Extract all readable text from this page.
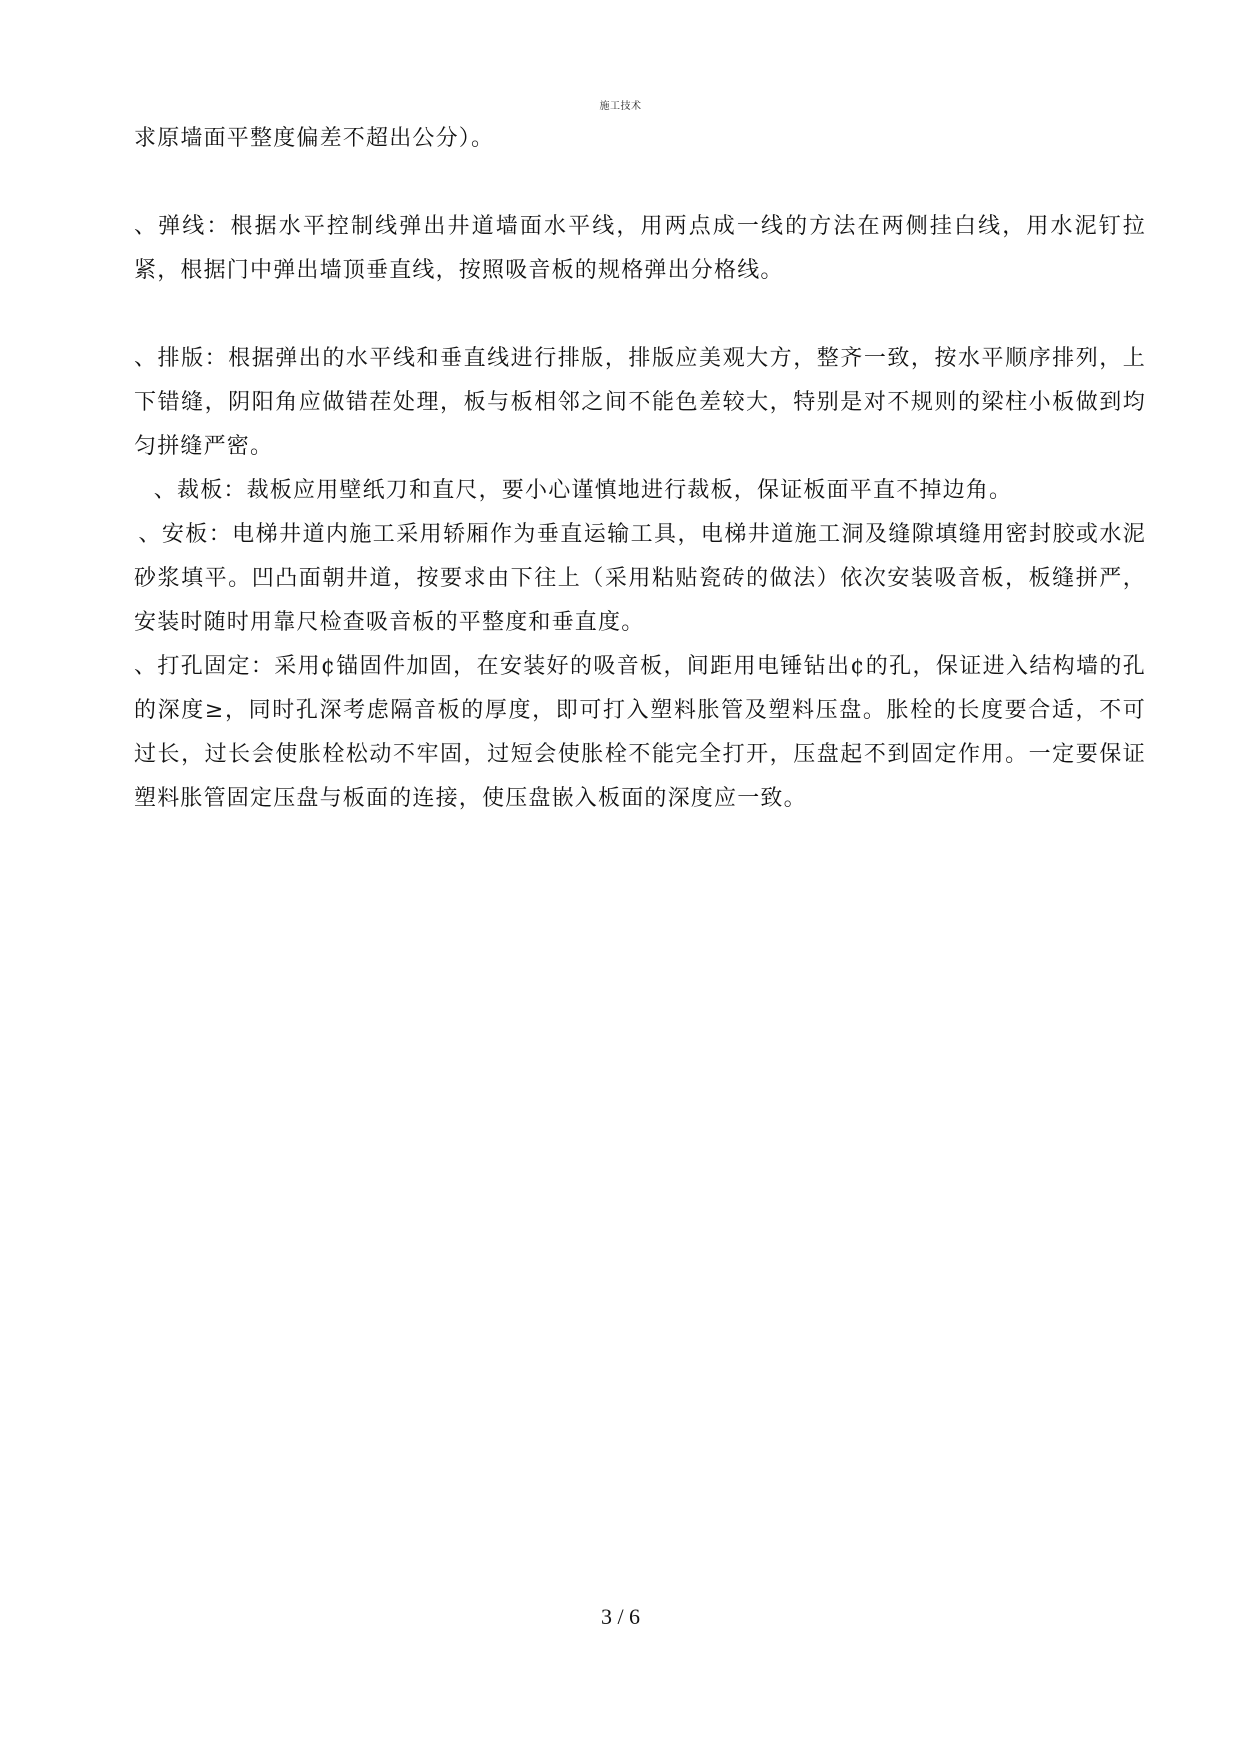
施工技术

求原墙面平整度偏差不超出公分）。

、弹线：根据水平控制线弹出井道墙面水平线，用两点成一线的方法在两侧挂白线，用水泥钉拉紧，根据门中弹出墙顶垂直线，按照吸音板的规格弹出分格线。

、排版：根据弹出的水平线和垂直线进行排版，排版应美观大方，整齐一致，按水平顺序排列，上下错缝，阴阳角应做错茬处理，板与板相邻之间不能色差较大，特别是对不规则的梁柱小板做到均匀拼缝严密。

、裁板：裁板应用壁纸刀和直尺，要小心谨慎地进行裁板，保证板面平直不掉边角。

、安板：电梯井道内施工采用轿厢作为垂直运输工具，电梯井道施工洞及缝隙填缝用密封胶或水泥砂浆填平。凹凸面朝井道，按要求由下往上（采用粘贴瓷砖的做法）依次安装吸音板，板缝拼严，安装时随时用靠尺检查吸音板的平整度和垂直度。

、打孔固定：采用¢锚固件加固，在安装好的吸音板，间距用电锤钻出¢的孔，保证进入结构墙的孔的深度≥，同时孔深考虑隔音板的厚度，即可打入塑料胀管及塑料压盘。胀栓的长度要合适，不可过长，过长会使胀栓松动不牢固，过短会使胀栓不能完全打开，压盘起不到固定作用。一定要保证塑料胀管固定压盘与板面的连接，使压盘嵌入板面的深度应一致。

3 / 6
